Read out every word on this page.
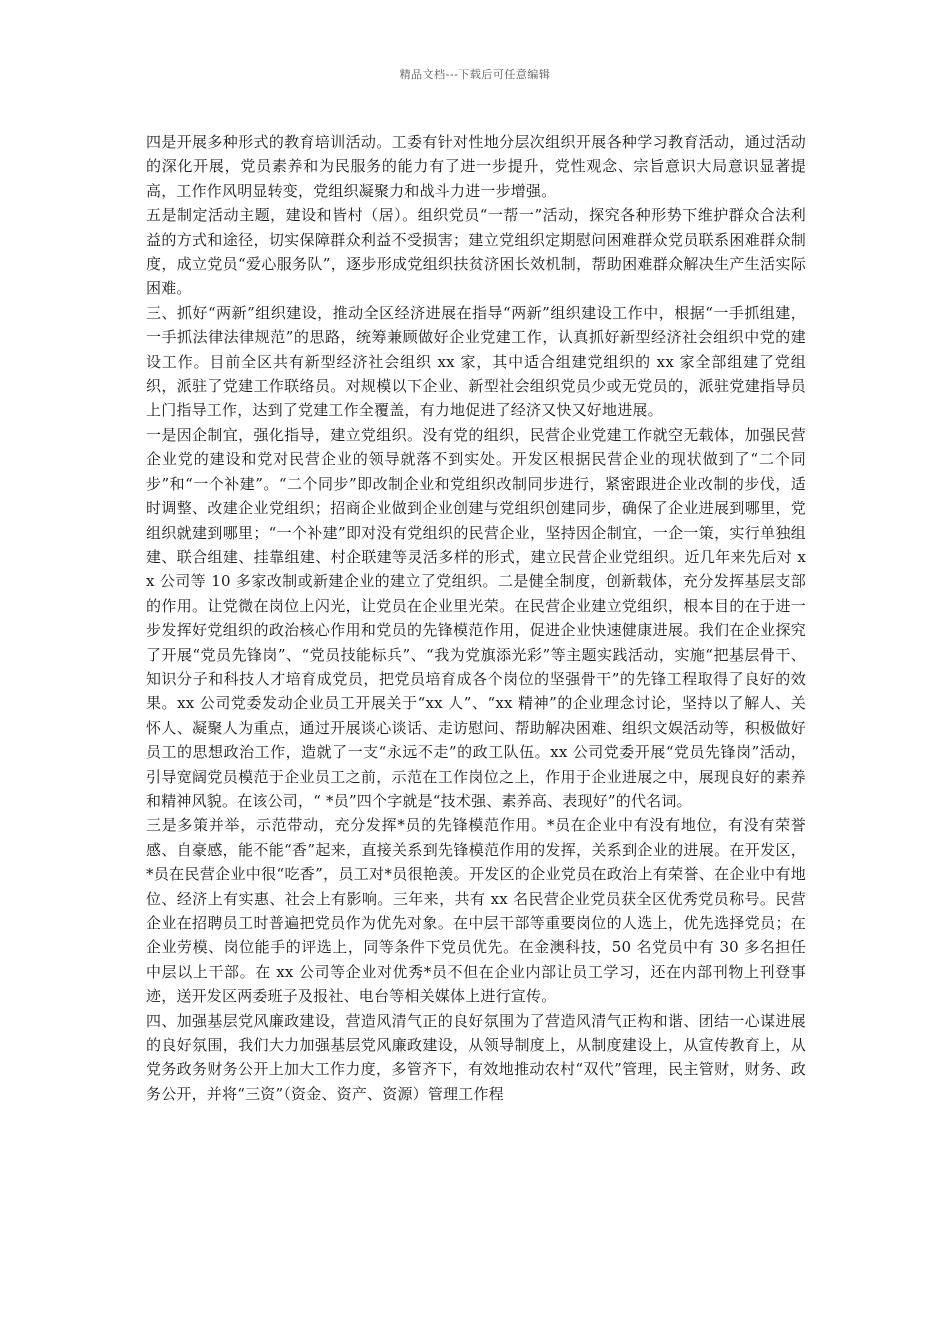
精品文档---下载后可任意编辑

四是开展多种形式的教育培训活动。工委有针对性地分层次组织开展各种学习教育活动，通过活动的深化开展，党员素养和为民服务的能力有了进一步提升，党性观念、宗旨意识大局意识显著提高，工作作风明显转变，党组织凝聚力和战斗力进一步增强。

五是制定活动主题，建设和皆村（居）。组织党员“一帮一”活动，探究各种形势下维护群众合法利益的方式和途径，切实保障群众利益不受损害；建立党组织定期慰问困难群众党员联系困难群众制度，成立党员“爱心服务队”，逐步形成党组织扶贫济困长效机制，帮助困难群众解决生产生活实际困难。

三、抓好“两新”组织建设，推动全区经济进展在指导“两新”组织建设工作中，根据“一手抓组建，一手抓法律法律规范”的思路，统筹兼顾做好企业党建工作，认真抓好新型经济社会组织中党的建设工作。目前全区共有新型经济社会组织 xx 家，其中适合组建党组织的 xx 家全部组建了党组织，派驻了党建工作联络员。对规模以下企业、新型社会组织党员少或无党员的，派驻党建指导员上门指导工作，达到了党建工作全覆盖，有力地促进了经济又快又好地进展。

一是因企制宜，强化指导，建立党组织。没有党的组织，民营企业党建工作就空无载体，加强民营企业党的建设和党对民营企业的领导就落不到实处。开发区根据民营企业的现状做到了“二个同步”和“一个补建”。“二个同步”即改制企业和党组织改制同步进行，紧密跟进企业改制的步伐，适时调整、改建企业党组织；招商企业做到企业创建与党组织创建同步，确保了企业进展到哪里，党组织就建到哪里；“一个补建”即对没有党组织的民营企业，坚持因企制宜，一企一策，实行单独组建、联合组建、挂靠组建、村企联建等灵活多样的形式，建立民营企业党组织。近几年来先后对 xx 公司等 10 多家改制或新建企业的建立了党组织。二是健全制度，创新载体，充分发挥基层支部的作用。让党微在岗位上闪光，让党员在企业里光荣。在民营企业建立党组织，根本目的在于进一步发挥好党组织的政治核心作用和党员的先锋模范作用，促进企业快速健康进展。我们在企业探究了开展“党员先锋岗”、“党员技能标兵”、“我为党旗添光彩”等主题实践活动，实施“把基层骨干、知识分子和科技人才培育成党员，把党员培育成各个岗位的坚强骨干”的先锋工程取得了良好的效果。xx 公司党委发动企业员工开展关于“xx 人”、“xx 精神”的企业理念讨论，坚持以了解人、关怀人、凝聚人为重点，通过开展谈心谈话、走访慰问、帮助解决困难、组织文娱活动等，积极做好员工的思想政治工作，造就了一支“永远不走”的政工队伍。xx 公司党委开展“党员先锋岗”活动，引导宽阔党员模范于企业员工之前，示范在工作岗位之上，作用于企业进展之中，展现良好的素养和精神风貌。在该公司，“ *员”四个字就是“技术强、素养高、表现好”的代名词。

三是多策并举，示范带动，充分发挥*员的先锋模范作用。*员在企业中有没有地位，有没有荣誉感、自豪感，能不能“香”起来，直接关系到先锋模范作用的发挥，关系到企业的进展。在开发区，*员在民营企业中很“吃香”，员工对*员很艳羡。开发区的企业党员在政治上有荣誉、在企业中有地位、经济上有实惠、社会上有影响。三年来，共有 xx 名民营企业党员获全区优秀党员称号。民营企业在招聘员工时普遍把党员作为优先对象。在中层干部等重要岗位的人选上，优先选择党员；在企业劳模、岗位能手的评选上，同等条件下党员优先。在金澳科技，50 名党员中有 30 多名担任中层以上干部。在 xx 公司等企业对优秀*员不但在企业内部让员工学习，还在内部刊物上刊登事迹，送开发区两委班子及报社、电台等相关媒体上进行宣传。

四、加强基层党风廉政建设，营造风清气正的良好氛围为了营造风清气正构和谐、团结一心谋进展的良好氛围，我们大力加强基层党风廉政建设，从领导制度上，从制度建设上，从宣传教育上，从党务政务财务公开上加大工作力度，多管齐下，有效地推动农村“双代”管理，民主管财，财务、政务公开，并将“三资”（资金、资产、资源）管理工作程
